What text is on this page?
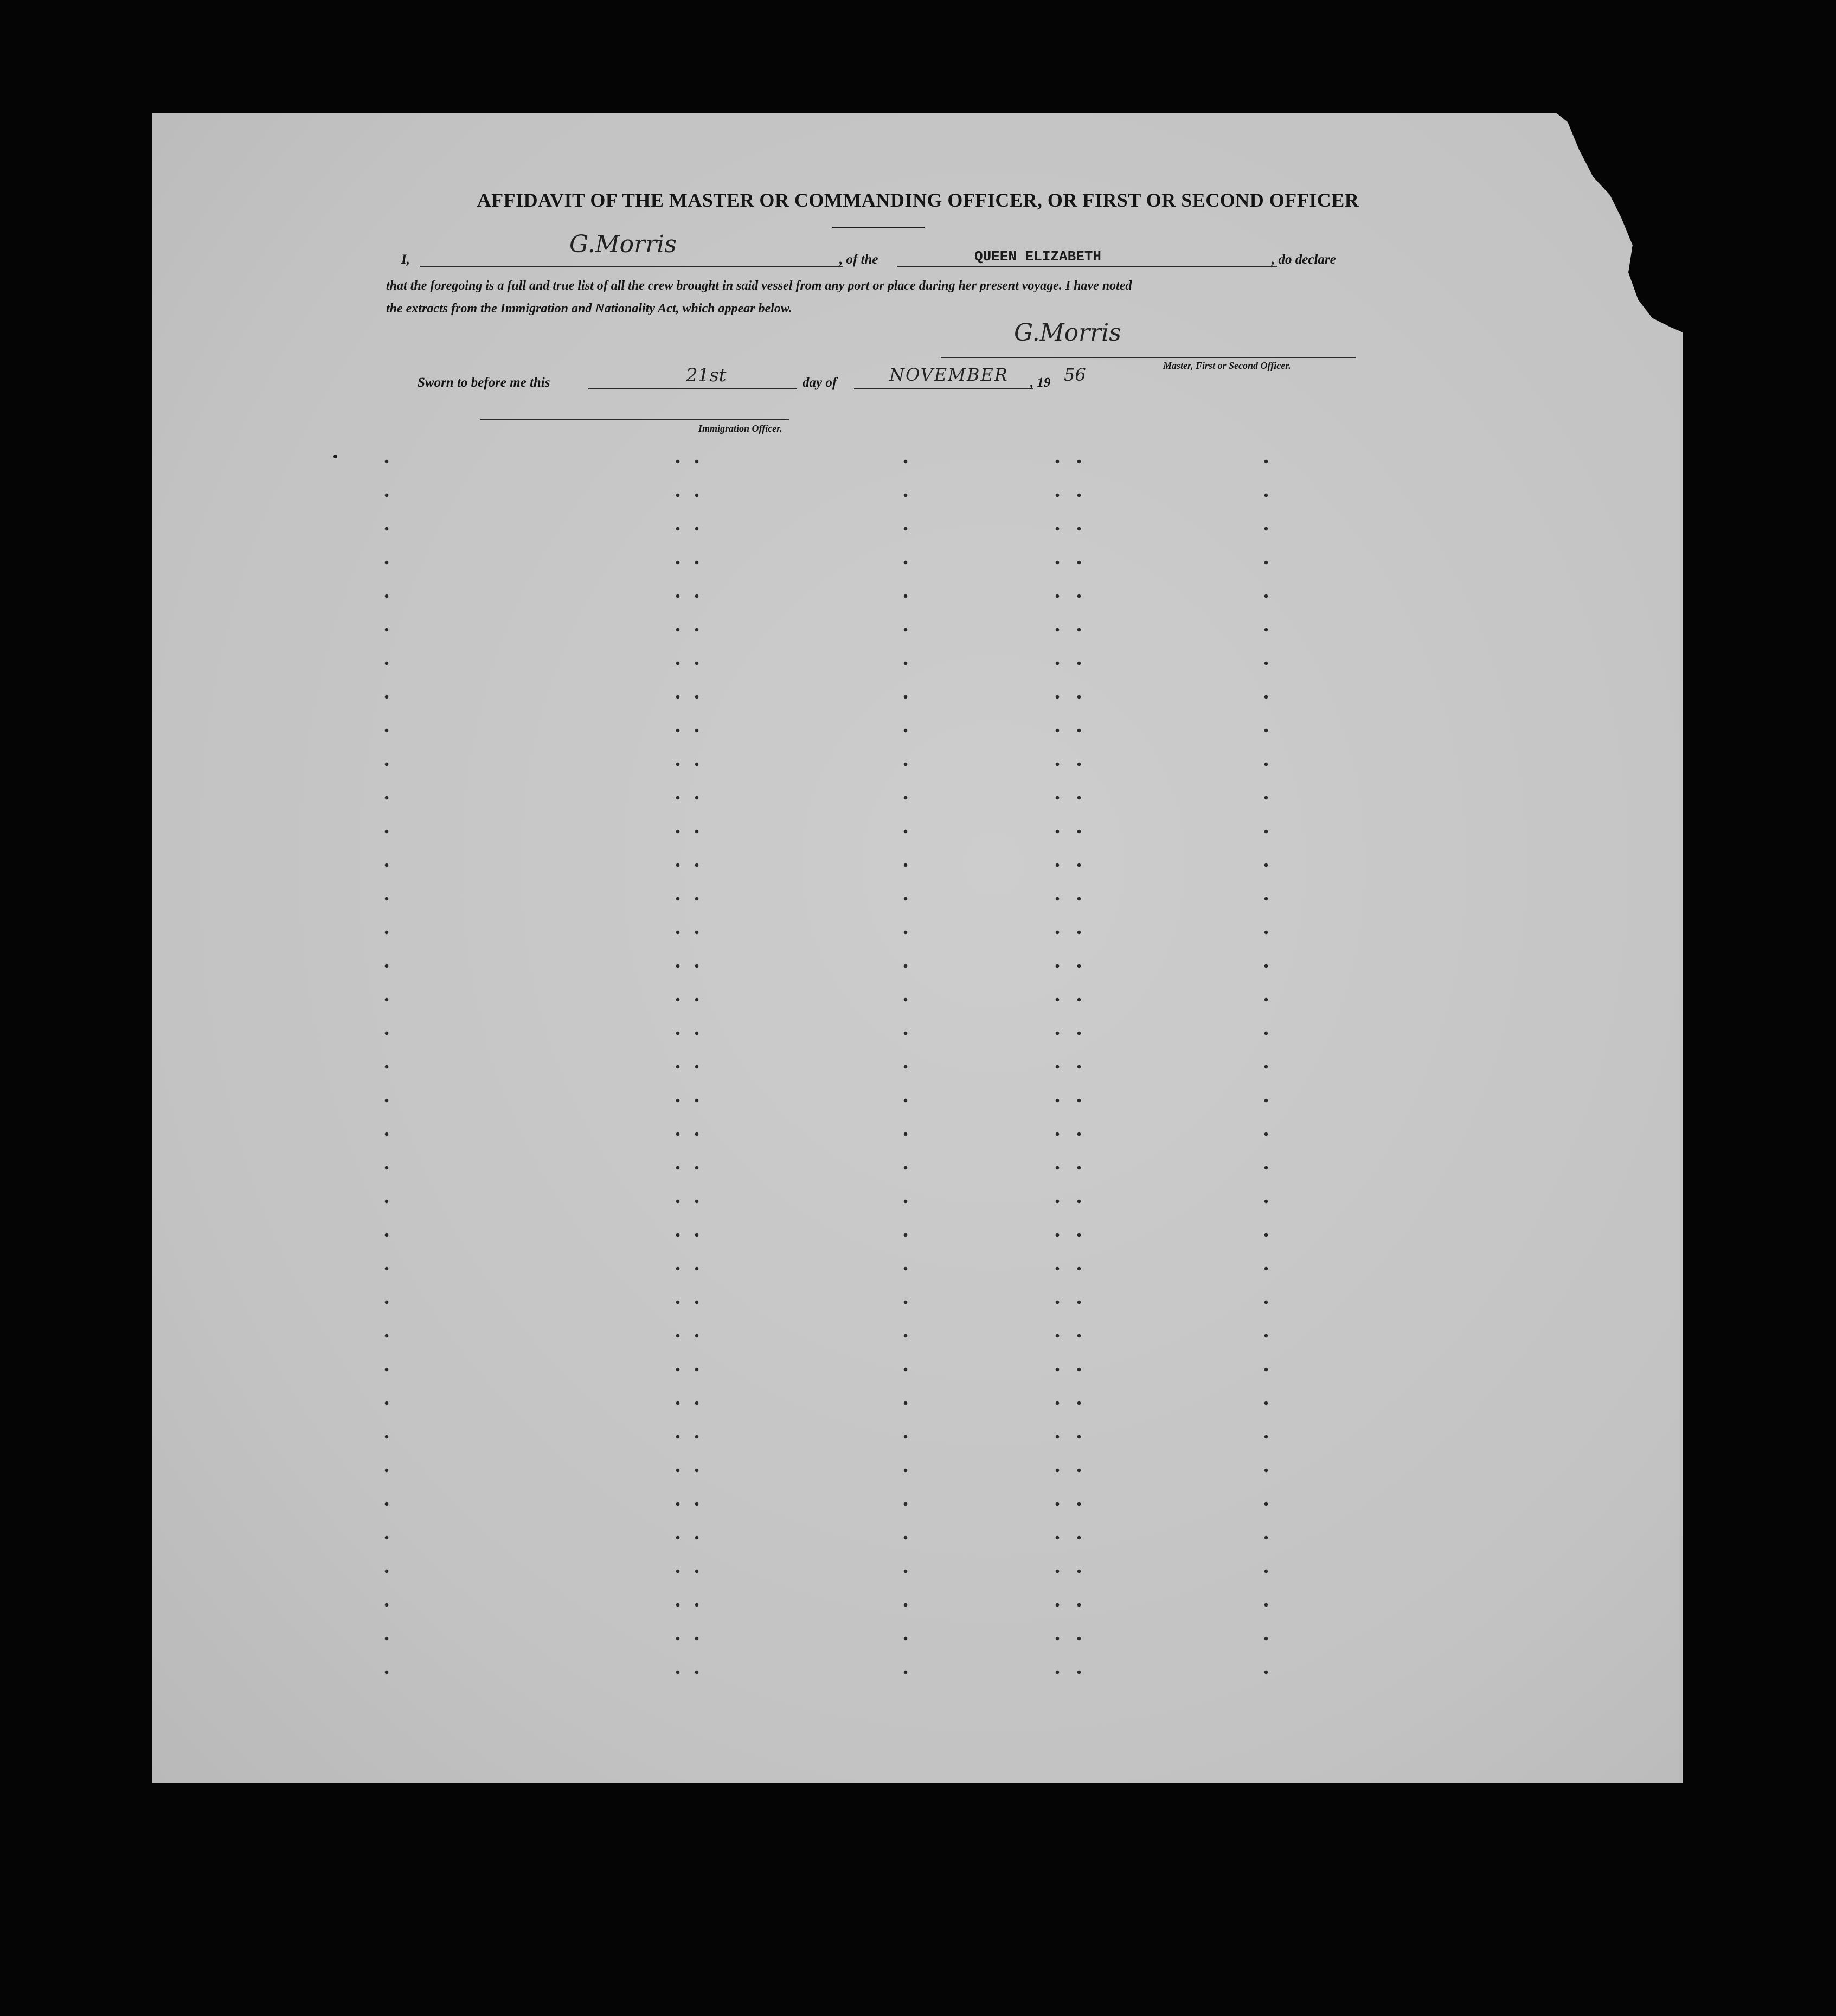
AFFIDAVIT OF THE MASTER OR COMMANDING OFFICER, OR FIRST OR SECOND OFFICER
I,
G.Morris
, of the	QUEEN ELIZABETH	, do declare
that the foregoing is a full and true list of all the crew brought in said vessel from any port or place during her present voyage. I have noted
the extracts from the Immigration and Nationality Act, which appear below.
G.Morris
Master, First or Second Officer.
Sworn to before me this	21st	day of	NOVEMBER , 19 56
Immigration Officer.
